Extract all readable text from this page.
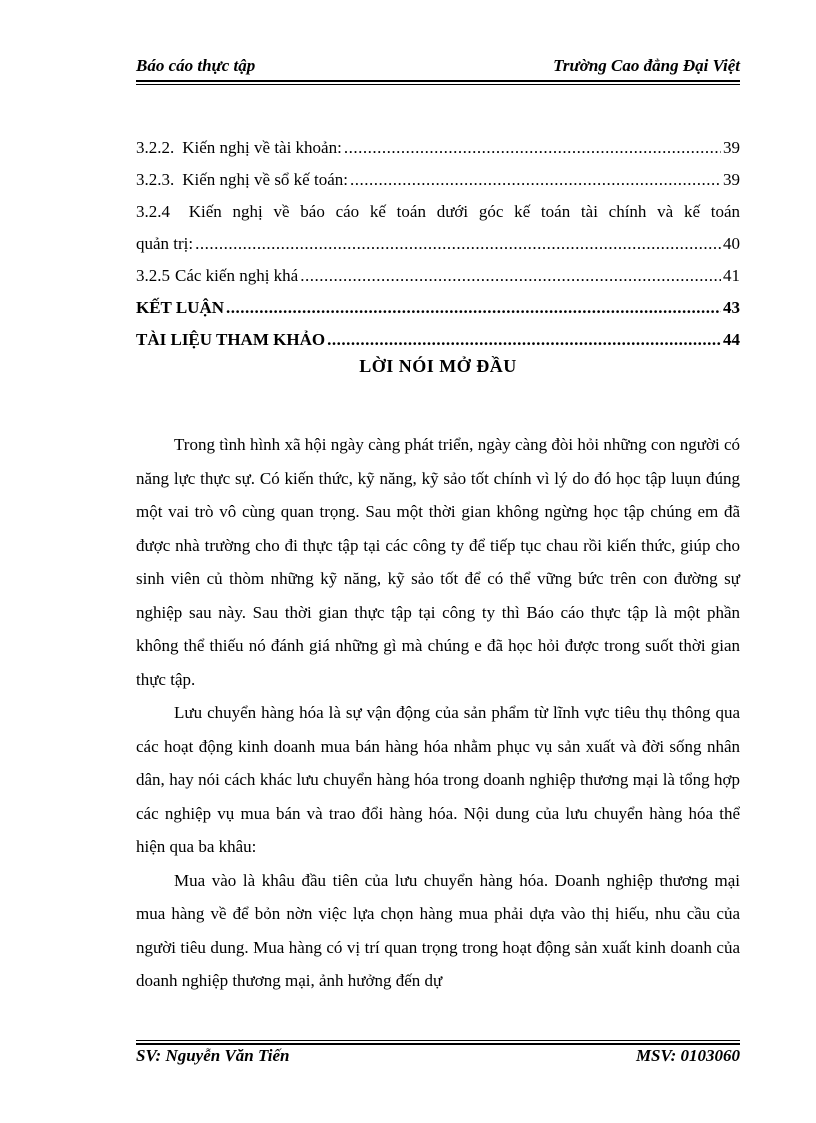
Báo cáo thực tập	Trường Cao đẳng Đại Việt
3.2.2. Kiến nghị về tài khoản: .....	39
3.2.3. Kiến nghị về sổ kế toán: .....	39
3.2.4 Kiến nghị về báo cáo kế toán dưới góc kế toán tài chính và kế toán
quản trị: .....	40
3.2.5 Các kiến nghị khá .....	41
KẾT LUẬN .....	43
TÀI LIỆU THAM KHẢO .....	44
LỜI NÓI MỞ ĐẦU

Trong tình hình xã hội ngày càng phát triển, ngày càng đòi hỏi những con người có năng lực thực sự. Có kiến thức, kỹ năng, kỹ sảo tốt chính vì lý do đó học tập luụn đúng một vai trò vô cùng quan trọng. Sau một thời gian không ngừng học tập chúng em đã được nhà trường cho đi thực tập tại các công ty để tiếp tục chau rồi kiến thức, giúp cho sinh viên củ thòm những kỹ năng, kỹ sảo tốt để có thể vững bức trên con đường sự nghiệp sau này. Sau thời gian thực tập tại công ty thì Báo cáo thực tập là một phần không thể thiếu nó đánh giá những gì mà chúng e đã học hỏi được trong suốt thời gian thực tập.

Lưu chuyển hàng hóa là sự vận động của sản phẩm từ lĩnh vực tiêu thụ thông qua các hoạt động kinh doanh mua bán hàng hóa nhằm phục vụ sản xuất và đời sống nhân dân, hay nói cách khác lưu chuyển hàng hóa trong doanh nghiệp thương mại là tổng hợp các nghiệp vụ mua bán và trao đổi hàng hóa. Nội dung của lưu chuyển hàng hóa thể hiện qua ba khâu:

Mua vào là khâu đầu tiên của lưu chuyển hàng hóa. Doanh nghiệp thương mại mua hàng về để bỏn nờn việc lựa chọn hàng mua phải dựa vào thị hiếu, nhu cầu của người tiêu dung. Mua hàng có vị trí quan trọng trong hoạt động sản xuất kinh doanh của doanh nghiệp thương mại, ảnh hưởng đến dự

SV: Nguyễn Văn Tiến	MSV: 0103060
